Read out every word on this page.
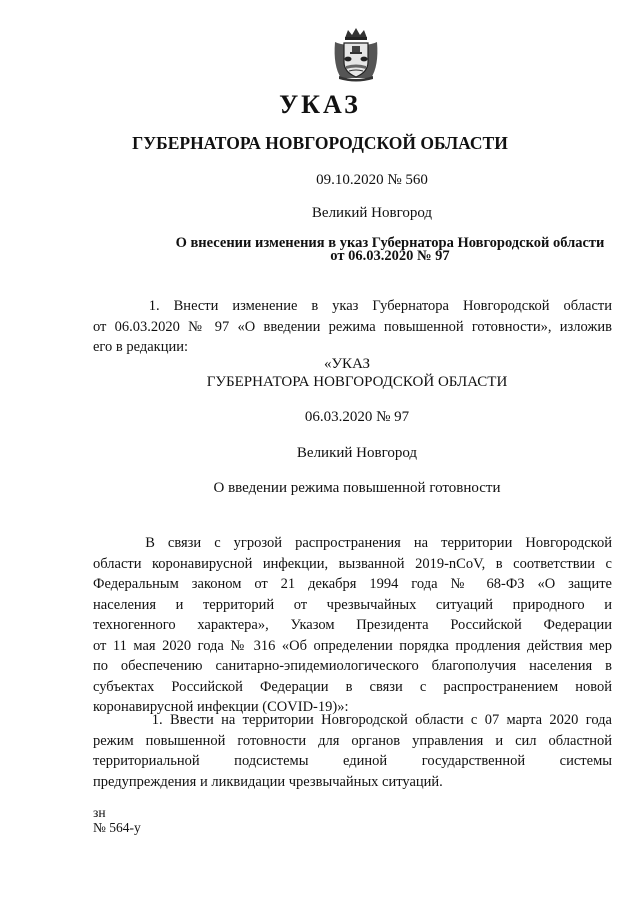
УКАЗ
ГУБЕРНАТОРА НОВГОРОДСКОЙ ОБЛАСТИ
09.10.2020 № 560
Великий Новгород
О внесении изменения в указ Губернатора Новгородской области
от 06.03.2020 № 97
1.  Внести  изменение  в  указ  Губернатора  Новгородской  области
от 06.03.2020 № 97 «О введении режима повышенной готовности», изложив
его в редакции:
«УКАЗ
ГУБЕРНАТОРА НОВГОРОДСКОЙ ОБЛАСТИ
06.03.2020 № 97
Великий Новгород
О введении режима повышенной готовности
В  связи  с  угрозой  распространения  на  территории  Новгородской
области коронавирусной инфекции, вызванной 2019-nCoV, в соответствии с
Федеральным законом от 21 декабря 1994 года № 68-ФЗ «О защите
населения и территорий от чрезвычайных ситуаций природного и
техногенного характера», Указом Президента Российской Федерации
от 11 мая 2020 года № 316 «Об определении порядка продления действия мер
по обеспечению санитарно-эпидемиологического благополучия населения в
субъектах Российской Федерации в связи с распространением новой
коронавирусной инфекции (COVID-19)»:
1. Ввести на территории Новгородской области с 07 марта 2020 года
режим повышенной готовности для органов управления и сил областной
территориальной подсистемы единой государственной системы
предупреждения и ликвидации чрезвычайных ситуаций.
зн
№ 564-у
